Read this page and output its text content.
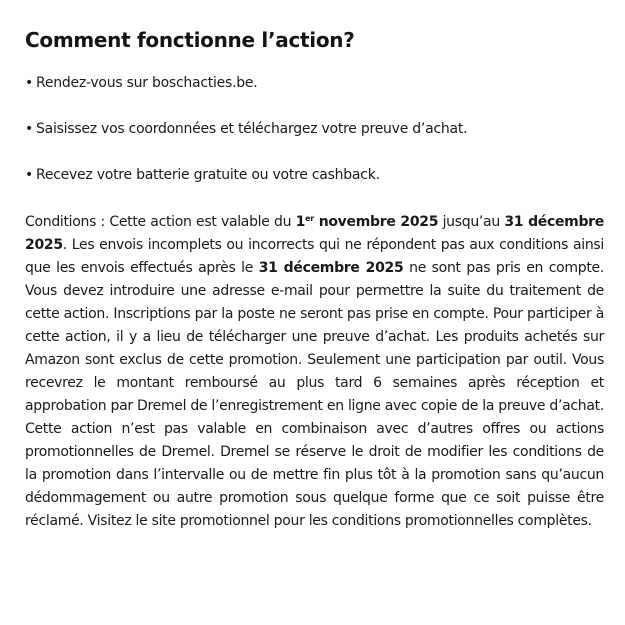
Comment fonctionne l’action?
• Rendez-vous sur boschacties.be.
• Saisissez vos coordonnées et téléchargez votre preuve d’achat.
• Recevez votre batterie gratuite ou votre cashback.

Conditions : Cette action est valable du 1er novembre 2025 jusqu’au 31 décembre 2025. Les envois incomplets ou incorrects qui ne répondent pas aux conditions ainsi que les envois effectués après le 31 décembre 2025 ne sont pas pris en compte. Vous devez introduire une adresse e-mail pour permettre la suite du traitement de cette action. Inscriptions par la poste ne seront pas prise en compte. Pour participer à cette action, il y a lieu de télécharger une preuve d’achat. Les produits achetés sur Amazon sont exclus de cette promotion. Seulement une participation par outil. Vous recevrez le montant remboursé au plus tard 6 semaines après réception et approbation par Dremel de l’enregistrement en ligne avec copie de la preuve d’achat. Cette action n’est pas valable en combinaison avec d’autres offres ou actions promotionnelles de Dremel. Dremel se réserve le droit de modifier les conditions de la promotion dans l’intervalle ou de mettre fin plus tôt à la promotion sans qu’aucun dédommagement ou autre promotion sous quelque forme que ce soit puisse être réclamé. Visitez le site promotionnel pour les conditions promotionnelles complètes.
